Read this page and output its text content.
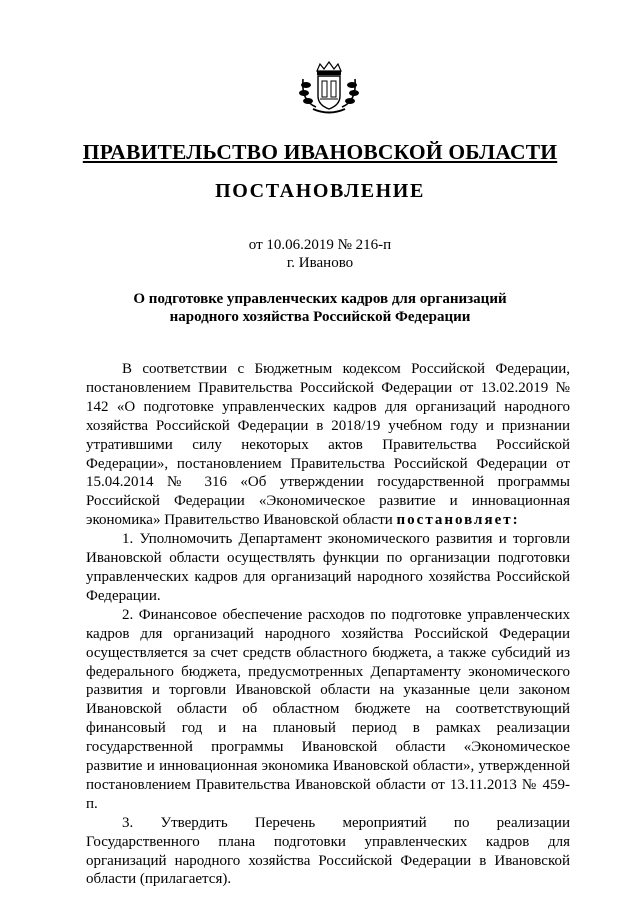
ПРАВИТЕЛЬСТВО ИВАНОВСКОЙ ОБЛАСТИ
ПОСТАНОВЛЕНИЕ
от 10.06.2019 № 216-п
г. Иваново
О подготовке управленческих кадров для организаций
народного хозяйства Российской Федерации

В соответствии с Бюджетным кодексом Российской Федерации, постановлением Правительства Российской Федерации от 13.02.2019 № 142 «О подготовке управленческих кадров для организаций народного хозяйства Российской Федерации в 2018/19 учебном году и признании утратившими силу некоторых актов Правительства Российской Федерации», постановлением Правительства Российской Федерации от 15.04.2014 № 316 «Об утверждении государственной программы Российской Федерации «Экономическое развитие и инновационная экономика» Правительство Ивановской области постановляет:

1. Уполномочить Департамент экономического развития и торговли Ивановской области осуществлять функции по организации подготовки управленческих кадров для организаций народного хозяйства Российской Федерации.

2. Финансовое обеспечение расходов по подготовке управленческих кадров для организаций народного хозяйства Российской Федерации осуществляется за счет средств областного бюджета, а также субсидий из федерального бюджета, предусмотренных Департаменту экономического развития и торговли Ивановской области на указанные цели законом Ивановской области об областном бюджете на соответствующий финансовый год и на плановый период в рамках реализации государственной программы Ивановской области «Экономическое развитие и инновационная экономика Ивановской области», утвержденной постановлением Правительства Ивановской области от 13.11.2013 № 459-п.

3. Утвердить Перечень мероприятий по реализации Государственного плана подготовки управленческих кадров для организаций народного хозяйства Российской Федерации в Ивановской области (прилагается).
